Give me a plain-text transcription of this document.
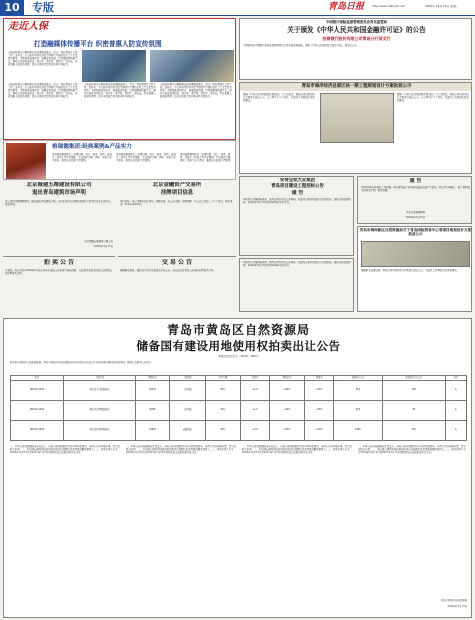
10	专版	青岛日报	http://www.dailyqd.com	2020年 12月 15日 星期二
走近人保
打造融媒体传播平台 织密普惠人防宣传氛围
人防宣传教育是国防教育的重要组成部分，也是一项长期的社会性工作。近年来，市人防办坚持以习近平新时代中国特色社会主义思想为指导，不断创新宣传形式，拓展宣传渠道，打造融媒体传播平台，推动人防宣传进机关、进企业、进学校、进社区、进家庭，织密普惠人防宣传氛围，提升全民防空意识和自救互救能力。
人防宣传教育是国防教育的重要组成部分，也是一项长期的社会性工作。近年来，市人防办坚持以习近平新时代中国特色社会主义思想为指导，不断创新宣传形式，拓展宣传渠道，打造融媒体传播平台，推动人防宣传进机关、进企业、进学校、进社区、进家庭，织密普惠人防宣传氛围，提升全民防空意识和自救互救能力。
人防宣传教育是国防教育的重要组成部分，也是一项长期的社会性工作。近年来，市人防办坚持以习近平新时代中国特色社会主义思想为指导，不断创新宣传形式，拓展宣传渠道，打造融媒体传播平台，推动人防宣传进机关、进企业、进学校、进社区、进家庭，织密普惠人防宣传氛围，提升全民防空意识和自救互救能力。
人防宣传教育是国防教育的重要组成部分，也是一项长期的社会性工作。近年来，市人防办坚持以习近平新时代中国特色社会主义思想为指导，不断创新宣传形式，拓展宣传渠道，打造融媒体传播平台，推动人防宣传进机关、进企业、进学校、进社区、进家庭，织密普惠人防宣传氛围，提升全民防空意识和自救互救能力。
格瑞德集团:经典案例&产品实力
青岛格瑞德集团是一家集科研、设计、制造、销售、安装于一体的大型企业集团，产品涵盖空调、供暖、热泵等多个领域，服务众多经典工程案例。
青岛格瑞德集团是一家集科研、设计、制造、销售、安装于一体的大型企业集团，产品涵盖空调、供暖、热泵等多个领域，服务众多经典工程案例。
青岛格瑞德集团是一家集科研、设计、制造、销售、安装于一体的大型企业集团，产品涵盖空调、供暖、热泵等多个领域，服务众多经典工程案例。
北京城建五维建设有限公司
退出青岛建筑市场声明
本公司因业务调整原因，现已退出青岛建筑市场，今后在青岛市范围内承揽的工程项目与本公司无关。特此声明。
北京城建五维建设有限公司
2020年12月15日
北京金融资产交易所
挂牌项目信息
项目名称：某公司债权转让项目。挂牌价格：以公告为准。挂牌期间：自公告之日起二十个工作日。联系电话：010-xxxxxxxx。
拍 卖 公 告
受委托，我公司定于2020年12月在青岛市依法公开拍卖下列标的物，有意竞买者请于拍卖会前到我公司办理竞买手续。
交 易 公 告
根据相关规定，现将以下项目交易信息予以公告，意向受让方请在公告期内办理报名手续。
中国银行保险监督管理委员会青岛监管局
关于颁发《中华人民共和国金融许可证》的公告
招商银行股份有限公司青岛分行某支行
下列机构经中国银行保险监督管理委员会青岛监管局批准，颁发《中华人民共和国金融许可证》，现予以公告。
青岛市海洋经济总部区块一期工程规划设计方案批前公示
根据《中华人民共和国城乡规划法》等有关规定，现将该项目规划设计方案进行批前公示，公示期为十个工作日，欢迎社会各界提出意见和建议。
根据《中华人民共和国城乡规划法》等有关规定，现将该项目规划设计方案进行批前公示，公示期为十个工作日，欢迎社会各界提出意见和建议。
安得宝钛大业集团
青岛项目建设工程招标公告
通 告
本项目已具备招标条件，现对该项目进行公开招标，欢迎符合条件的投标人参加投标。招标文件获取时间：2020年12月15日至2020年12月21日。
通 告
因2020年冬季供暖工作需要，相关管线施工将对部分路段交通产生影响，请过往车辆绕行。施工期间给市民带来不便，敬请谅解。
青岛市某某管理局
2020年12月15日
青岛市海岸新区自然资源局关于青岛国际贸易中心等项目规划设计方案批前公示
根据相关法律法规，现对该项目规划设计方案进行批前公示，欢迎社会各界提出意见和建议。
本项目已具备招标条件，现对该项目进行公开招标，欢迎符合条件的投标人参加投标。招标文件获取时间：2020年12月15日至2020年12月21日。
青岛市黄岛区自然资源局
储备国有建设用地使用权拍卖出让公告
青黄自然资告字〔2020〕066号
经青岛市黄岛区人民政府批准，青岛市黄岛区自然资源局决定以拍卖方式出让以下地块的国有建设用地使用权。现将有关事项公告如下：
编号	土地位置	面积(㎡)	土地用途	出让年限	容积率	建筑密度	绿地率	起始价(万元)	竞买保证金(万元)	备注
HDC20-1201	黄岛区王台镇某地块	10231	工业用地	50年	≥1.0	≥40%	≤15%	512	103	无
HDC20-1202	黄岛区泊里镇某地块	8456	工业用地	50年	≥1.2	≥40%	≤15%	423	85	无
HDC20-1203	黄岛区海青镇某地块	12670	商服用地	40年	≤2.0	≤35%	≥20%	1860	372	无
一、中华人民共和国境内外的法人、自然人和其他组织均可申请参加竞买，申请人可以单独申请，也可以联合申请。二、本次国有建设用地使用权拍卖出让按照价高者得原则确定竞得人。三、竞买申请人可于2020年12月15日至2021年1月13日到指定地点获取拍卖出让文件。
一、中华人民共和国境内外的法人、自然人和其他组织均可申请参加竞买，申请人可以单独申请，也可以联合申请。二、本次国有建设用地使用权拍卖出让按照价高者得原则确定竞得人。三、竞买申请人可于2020年12月15日至2021年1月13日到指定地点获取拍卖出让文件。
一、中华人民共和国境内外的法人、自然人和其他组织均可申请参加竞买，申请人可以单独申请，也可以联合申请。二、本次国有建设用地使用权拍卖出让按照价高者得原则确定竞得人。三、竞买申请人可于2020年12月15日至2021年1月13日到指定地点获取拍卖出让文件。
一、中华人民共和国境内外的法人、自然人和其他组织均可申请参加竞买，申请人可以单独申请，也可以联合申请。二、本次国有建设用地使用权拍卖出让按照价高者得原则确定竞得人。三、竞买申请人可于2020年12月15日至2021年1月13日到指定地点获取拍卖出让文件。
青岛市黄岛区自然资源局
2020年12月15日
